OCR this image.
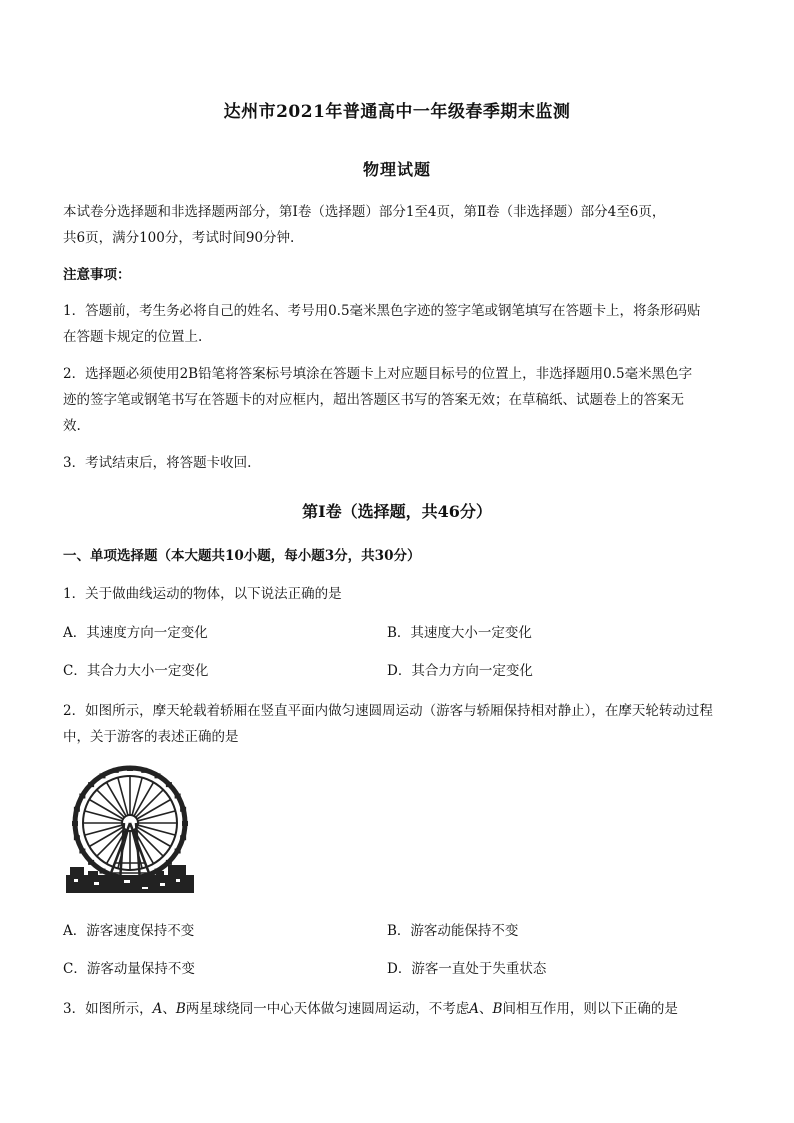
达州市2021年普通高中一年级春季期末监测
物理试题
本试卷分选择题和非选择题两部分，第Ⅰ卷（选择题）部分1至4页，第Ⅱ卷（非选择题）部分4至6页，
共6页，满分100分，考试时间90分钟.
注意事项：
1．答题前，考生务必将自己的姓名、考号用0.5毫米黑色字迹的签字笔或钢笔填写在答题卡上，将条形码贴
在答题卡规定的位置上.
2．选择题必须使用2B铅笔将答案标号填涂在答题卡上对应题目标号的位置上，非选择题用0.5毫米黑色字
迹的签字笔或钢笔书写在答题卡的对应框内，超出答题区书写的答案无效；在草稿纸、试题卷上的答案无
效.
3．考试结束后，将答题卡收回.
第Ⅰ卷（选择题，共46分）
一、单项选择题（本大题共10小题，每小题3分，共30分）
1．关于做曲线运动的物体，以下说法正确的是
A．其速度方向一定变化	B．其速度大小一定变化
C．其合力大小一定变化	D．其合力方向一定变化
2．如图所示，摩天轮载着轿厢在竖直平面内做匀速圆周运动（游客与轿厢保持相对静止），在摩天轮转动过程
中，关于游客的表述正确的是
A．游客速度保持不变	B．游客动能保持不变
C．游客动量保持不变	D．游客一直处于失重状态
3．如图所示，A、B两星球绕同一中心天体做匀速圆周运动，不考虑A、B间相互作用，则以下正确的是
